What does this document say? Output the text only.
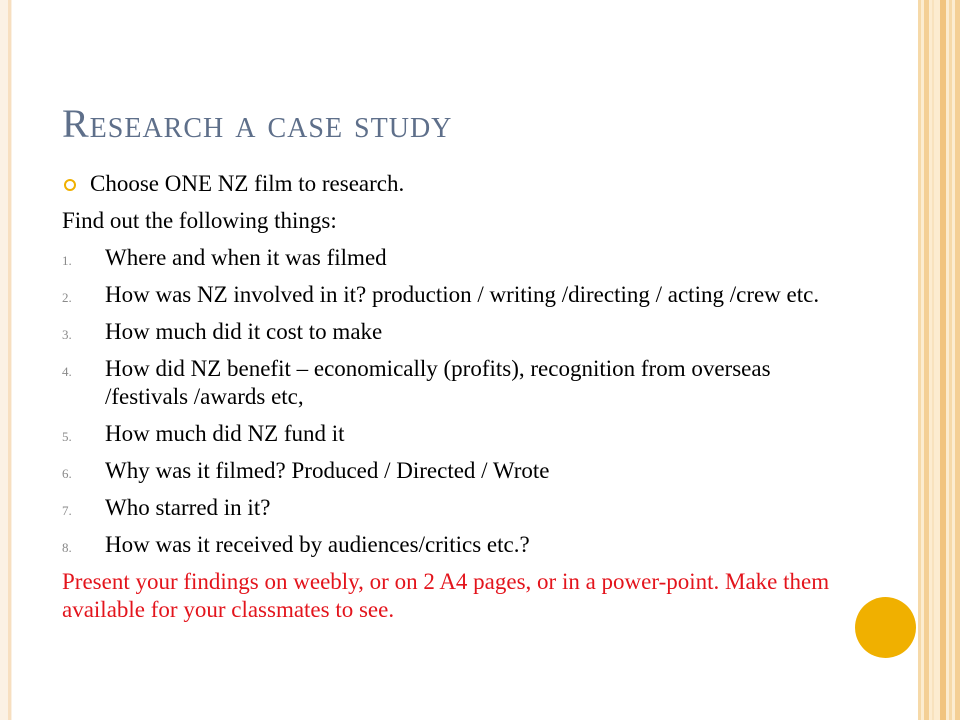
Research a case study
Choose ONE NZ film to research.
Find out the following things:
1. Where and when it was filmed
2. How was NZ involved in it? production / writing /directing / acting /crew etc.
3. How much did it cost to make
4. How did NZ benefit – economically (profits), recognition from overseas /festivals /awards etc,
5. How much did NZ fund it
6. Why was it filmed? Produced / Directed / Wrote
7. Who starred in it?
8. How was it received by audiences/critics etc.?
Present your findings on weebly, or on 2 A4 pages, or in a power-point. Make them available for your classmates to see.
